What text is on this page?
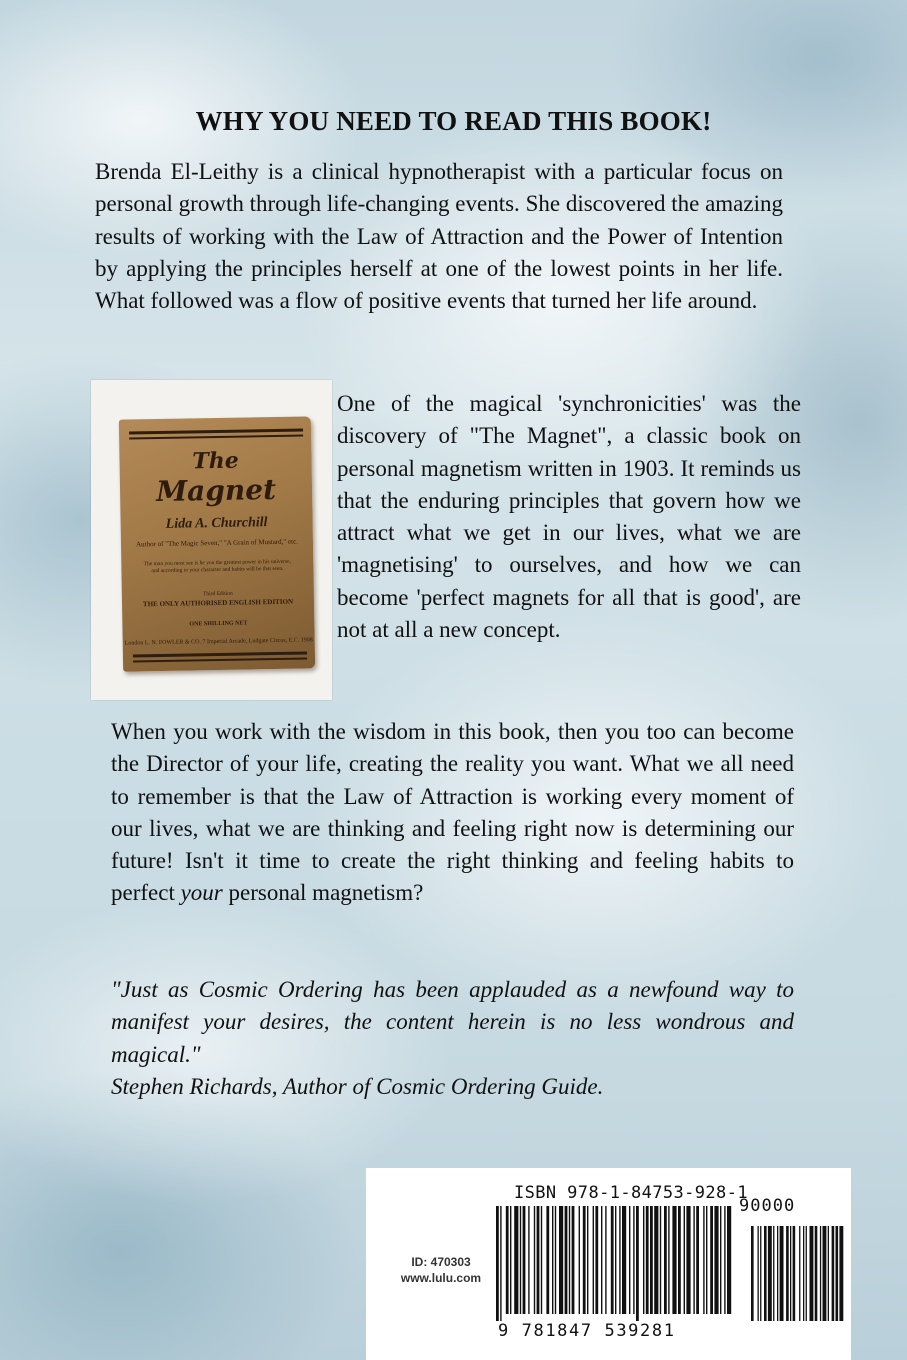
WHY YOU NEED TO READ THIS BOOK!

Brenda El-Leithy is a clinical hypnotherapist with a particular focus on personal growth through life-changing events. She discovered the amazing results of working with the Law of Attraction and the Power of Intention by applying the principles herself at one of the lowest points in her life. What followed was a flow of positive events that turned her life around.

The
Magnet
Lida A. Churchill
Author of "The Magic Seven," "A Grain of Mustard," etc.
The man you most see is he you the greatest power in his universe, and according to your character and habits will be that seen.
Third Edition
THE ONLY AUTHORISED ENGLISH EDITION
ONE SHILLING NET
London L. N. FOWLER & CO. 7 Imperial Arcade, Ludgate Circus, E.C. 1908

One of the magical 'synchronicities' was the discovery of "The Magnet", a classic book on personal magnetism written in 1903. It reminds us that the enduring principles that govern how we attract what we get in our lives, what we are 'magnetising' to ourselves, and how we can become 'perfect magnets for all that is good', are not at all a new concept.

When you work with the wisdom in this book, then you too can become the Director of your life, creating the reality you want. What we all need to remember is that the Law of Attraction is working every moment of our lives, what we are thinking and feeling right now is determining our future! Isn't it time to create the right thinking and feeling habits to perfect your personal magnetism?

"Just as Cosmic Ordering has been applauded as a newfound way to manifest your desires, the content herein is no less wondrous and magical."
Stephen Richards, Author of Cosmic Ordering Guide.

ISBN 978-1-84753-928-1
90000
9 781847 539281
ID: 470303
www.lulu.com
